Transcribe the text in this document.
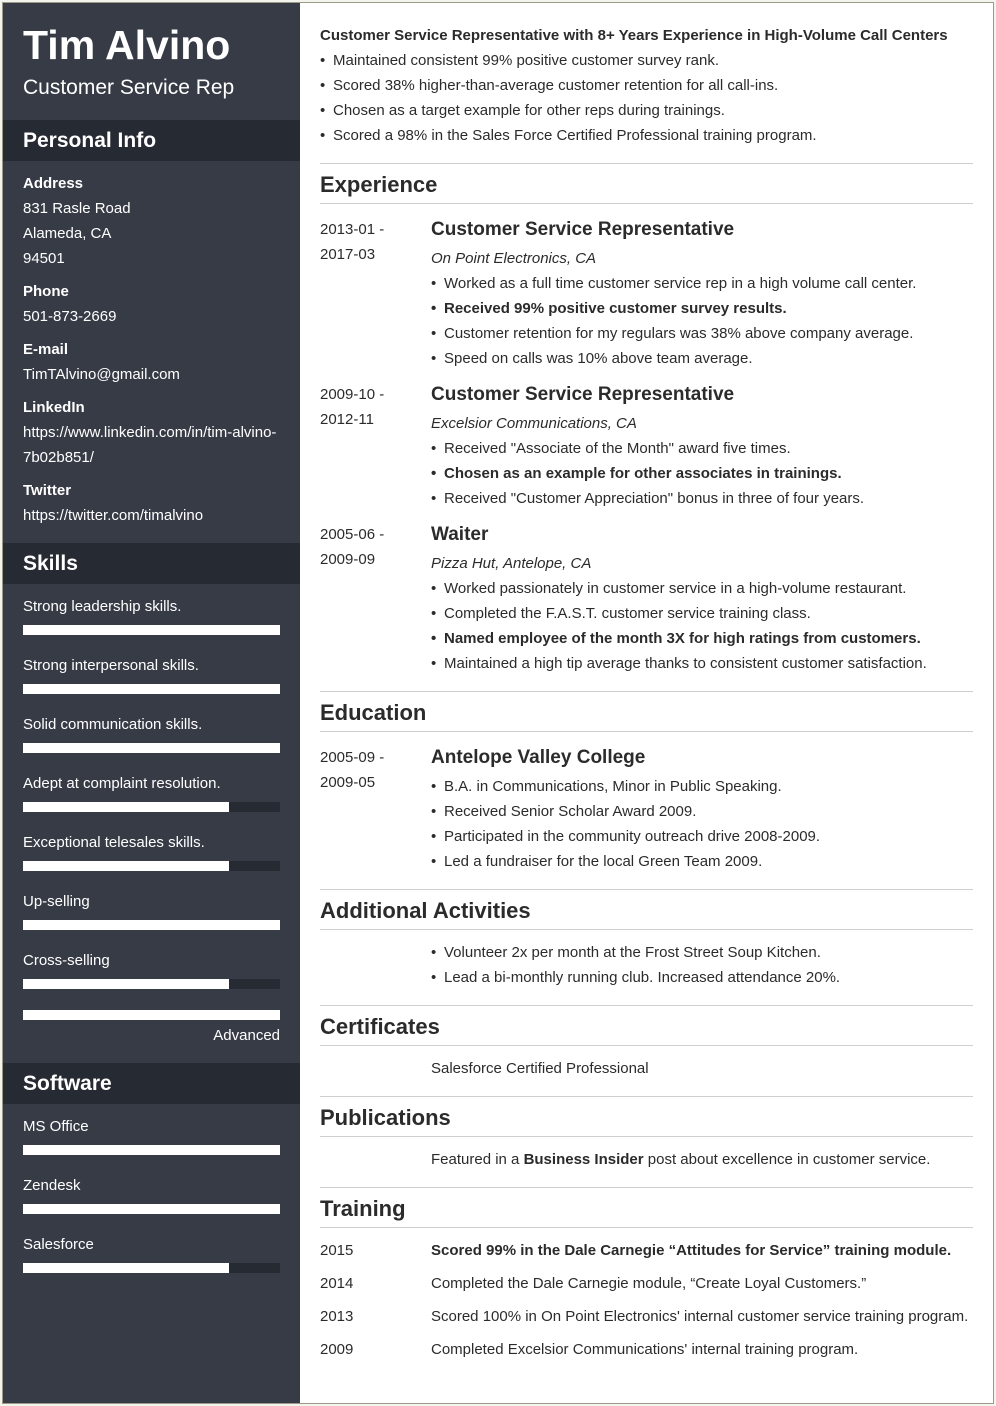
Tim Alvino
Customer Service Rep
Personal Info
Address
831 Rasle Road
Alameda, CA
94501
Phone
501-873-2669
E-mail
TimTAlvino@gmail.com
LinkedIn
https://www.linkedin.com/in/tim-alvino-
7b02b851/
Twitter
https://twitter.com/timalvino
Skills
Strong leadership skills.
Strong interpersonal skills.
Solid communication skills.
Adept at complaint resolution.
Exceptional telesales skills.
Up-selling
Cross-selling
Advanced
Software
MS Office
Zendesk
Salesforce
Customer Service Representative with 8+ Years Experience in High-Volume Call Centers
• Maintained consistent 99% positive customer survey rank.
• Scored 38% higher-than-average customer retention for all call-ins.
• Chosen as a target example for other reps during trainings.
• Scored a 98% in the Sales Force Certified Professional training program.
Experience
2013-01 -
2017-03
Customer Service Representative
On Point Electronics, CA
• Worked as a full time customer service rep in a high volume call center.
• Received 99% positive customer survey results.
• Customer retention for my regulars was 38% above company average.
• Speed on calls was 10% above team average.
2009-10 -
2012-11
Customer Service Representative
Excelsior Communications, CA
• Received "Associate of the Month" award five times.
• Chosen as an example for other associates in trainings.
• Received "Customer Appreciation" bonus in three of four years.
2005-06 -
2009-09
Waiter
Pizza Hut, Antelope, CA
• Worked passionately in customer service in a high-volume restaurant.
• Completed the F.A.S.T. customer service training class.
• Named employee of the month 3X for high ratings from customers.
• Maintained a high tip average thanks to consistent customer satisfaction.
Education
2005-09 -
2009-05
Antelope Valley College
• B.A. in Communications, Minor in Public Speaking.
• Received Senior Scholar Award 2009.
• Participated in the community outreach drive 2008-2009.
• Led a fundraiser for the local Green Team 2009.
Additional Activities
• Volunteer 2x per month at the Frost Street Soup Kitchen.
• Lead a bi-monthly running club. Increased attendance 20%.
Certificates
Salesforce Certified Professional
Publications
Featured in a Business Insider post about excellence in customer service.
Training
2015	Scored 99% in the Dale Carnegie “Attitudes for Service” training module.
2014	Completed the Dale Carnegie module, “Create Loyal Customers.”
2013	Scored 100% in On Point Electronics' internal customer service training program.
2009	Completed Excelsior Communications' internal training program.
